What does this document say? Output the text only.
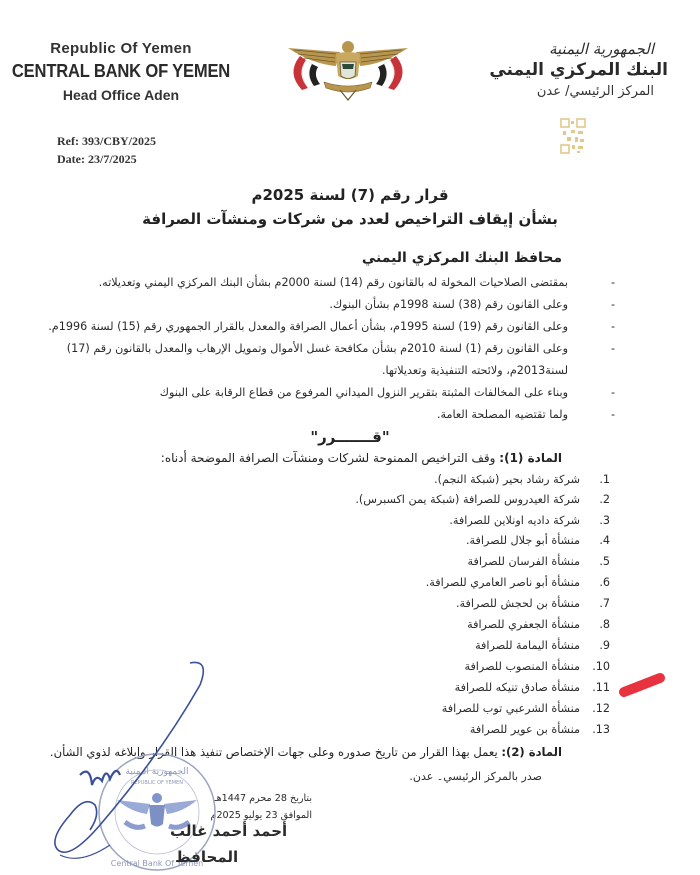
Republic Of Yemen
CENTRAL BANK OF YEMEN
Head Office Aden
Ref: 393/CBY/2025
Date: 23/7/2025
الجمهورية اليمنية
البنك المركزي اليمني
المركز الرئيسي/ عدن
قرار رقم (7) لسنة 2025م
بشأن إيقاف التراخيص لعدد من شركات ومنشآت الصرافة
محافظ البنك المركزي اليمني
-
بمقتضى الصلاحيات المخولة له بالقانون رقم (14) لسنة 2000م بشأن البنك المركزي اليمني وتعديلاته.
-
وعلى القانون رقم (38) لسنة 1998م بشأن البنوك.
-
وعلى القانون رقم (19) لسنة 1995م، بشأن أعمال الصرافة والمعدل بالقرار الجمهوري رقم (15) لسنة 1996م.
-
وعلى القانون رقم (1) لسنة 2010م بشأن مكافحة غسل الأموال وتمويل الإرهاب والمعدل بالقانون رقم (17)
لسنة2013م، ولائحته التنفيذية وتعديلاتها.
-
وبناء على المخالفات المثبتة بتقرير النزول الميداني المرفوع من قطاع الرقابة على البنوك
-
ولما تقتضيه المصلحة العامة.
"قـــــــرر"
المادة (1): وقف التراخيص الممنوحة لشركات ومنشآت الصرافة الموضحة أدناه:
1.
شركة رشاد بحير (شبكة النجم).
2.
شركة العيدروس للصرافة (شبكة يمن اكسبرس).
3.
شركة داديه اونلاين للصرافة.
4.
منشأة أبو جلال للصرافة.
5.
منشأة الفرسان للصرافة
6.
منشأة أبو ناصر العامري للصرافة.
7.
منشأة بن لحجش للصرافة.
8.
منشأة الجعفري للصرافة
9.
منشأة اليمامة للصرافة
10.
منشأة المنصوب للصرافة
11.
منشأة صادق تنيكه للصرافة
12.
منشأة الشرعبي توب للصرافة
13.
منشأة بن عوير للصرافة
المادة (2): يعمل بهذا القرار من تاريخ صدوره وعلى جهات الإختصاص تنفيذ هذا القرار وإبلاغه لذوي الشأن.
صدر بالمركز الرئيسي۔ عدن.
بتاريخ 28 محرم 1447هـ
الموافق 23 يوليو 2025م
الجمهورية اليمنية
REPUBLIC OF YEMEN
Central Bank Of Yemen
أحمد أحمد غالب
المحافظ
